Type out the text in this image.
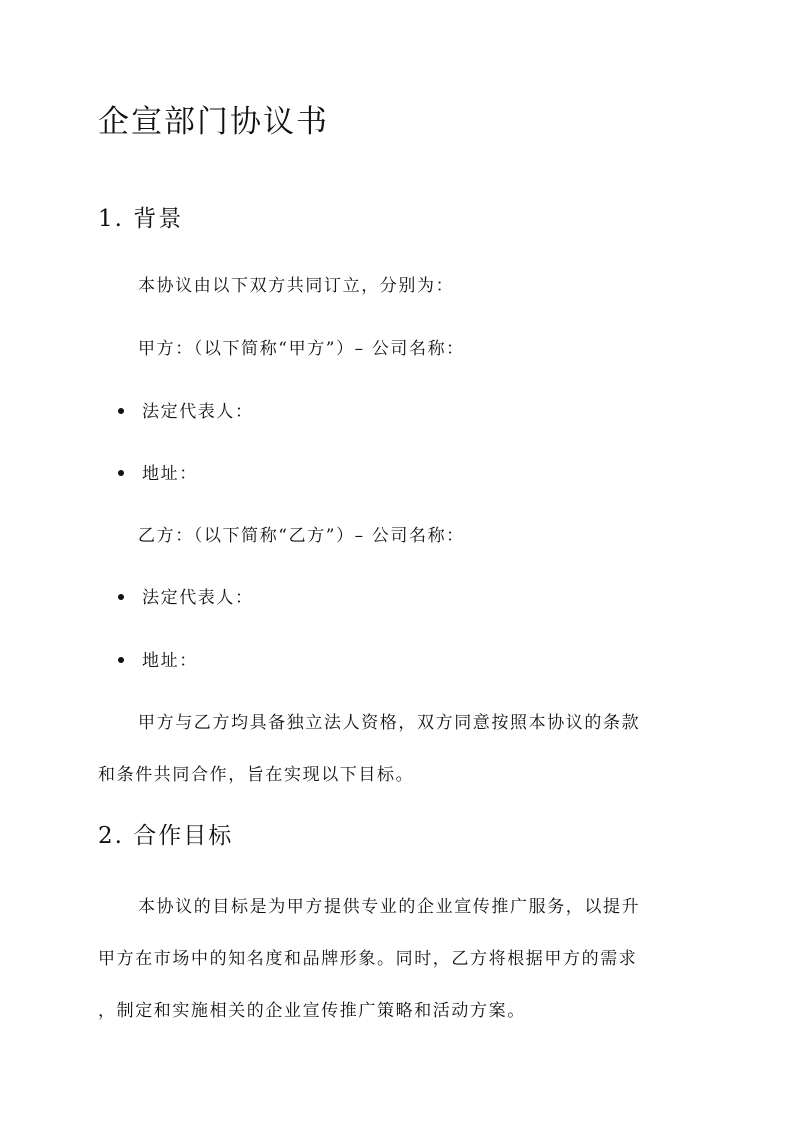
企宣部门协议书
1. 背景

本协议由以下双方共同订立，分别为：

甲方：（以下简称“甲方”）– 公司名称：

法定代表人：
地址：

乙方：（以下简称“乙方”）– 公司名称：

法定代表人：
地址：

甲方与乙方均具备独立法人资格，双方同意按照本协议的条款

和条件共同合作，旨在实现以下目标。

2. 合作目标

本协议的目标是为甲方提供专业的企业宣传推广服务，以提升

甲方在市场中的知名度和品牌形象。同时，乙方将根据甲方的需求

，制定和实施相关的企业宣传推广策略和活动方案。
